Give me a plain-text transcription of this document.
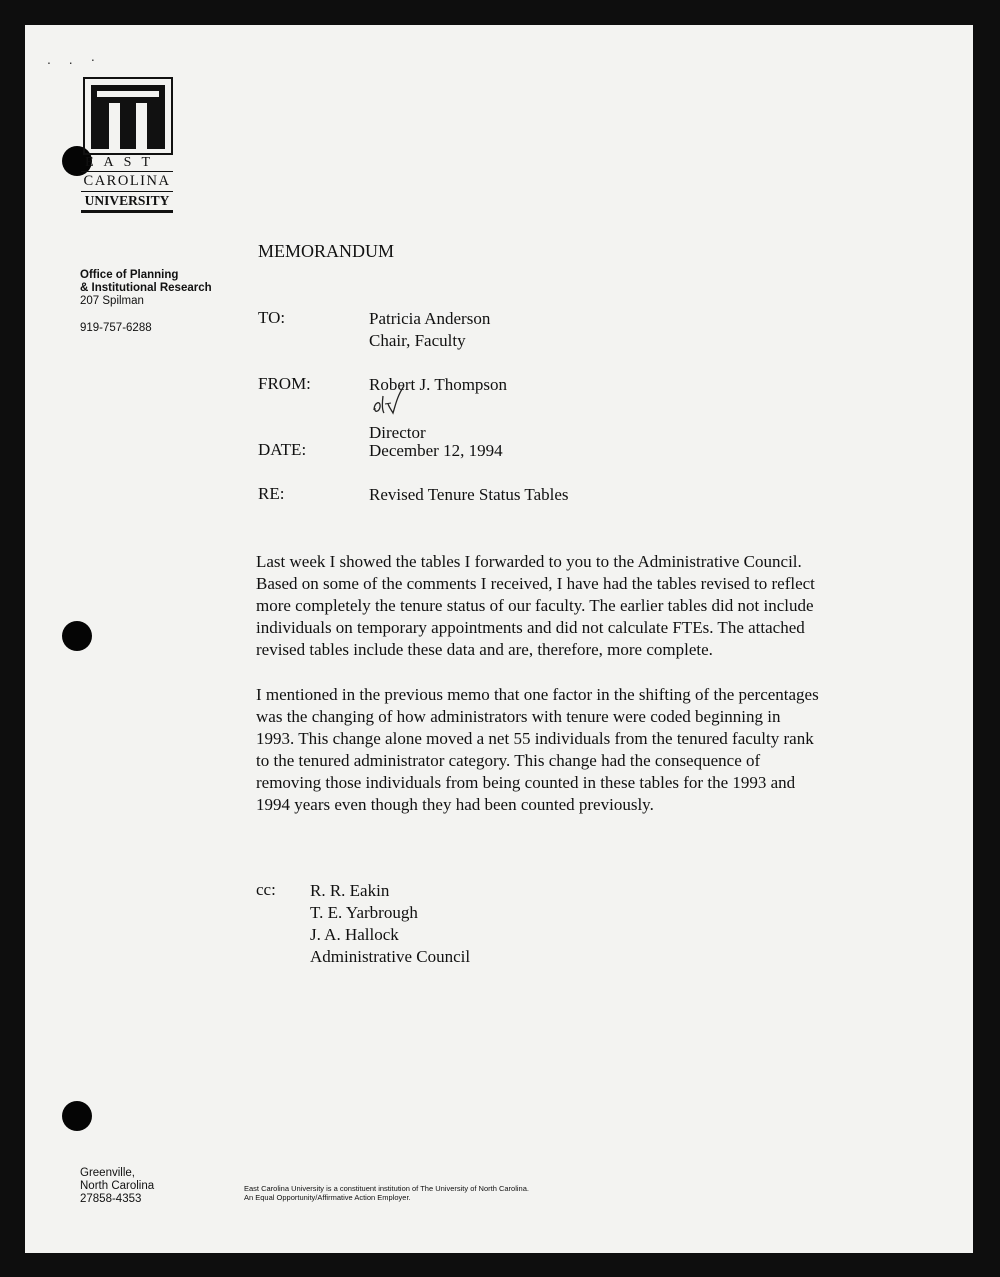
. . ·
EAST
CAROLINA
UNIVERSITY
Office of Planning
& Institutional Research
207 Spilman
919-757-6288
MEMORANDUM
TO:	Patricia Anderson
Chair, Faculty
FROM:	Robert J. Thompson
Director
DATE:	December 12, 1994
RE:	Revised Tenure Status Tables
Last week I showed the tables I forwarded to you to the Administrative Council.
Based on some of the comments I received, I have had the tables revised to reflect
more completely the tenure status of our faculty. The earlier tables did not include
individuals on temporary appointments and did not calculate FTEs. The attached
revised tables include these data and are, therefore, more complete.
I mentioned in the previous memo that one factor in the shifting of the percentages
was the changing of how administrators with tenure were coded beginning in
1993. This change alone moved a net 55 individuals from the tenured faculty rank
to the tenured administrator category. This change had the consequence of
removing those individuals from being counted in these tables for the 1993 and
1994 years even though they had been counted previously.
cc: R. R. Eakin
T. E. Yarbrough
J. A. Hallock
Administrative Council
Greenville,
North Carolina
27858-4353
East Carolina University is a constituent institution of The University of North Carolina.
An Equal Opportunity/Affirmative Action Employer.
